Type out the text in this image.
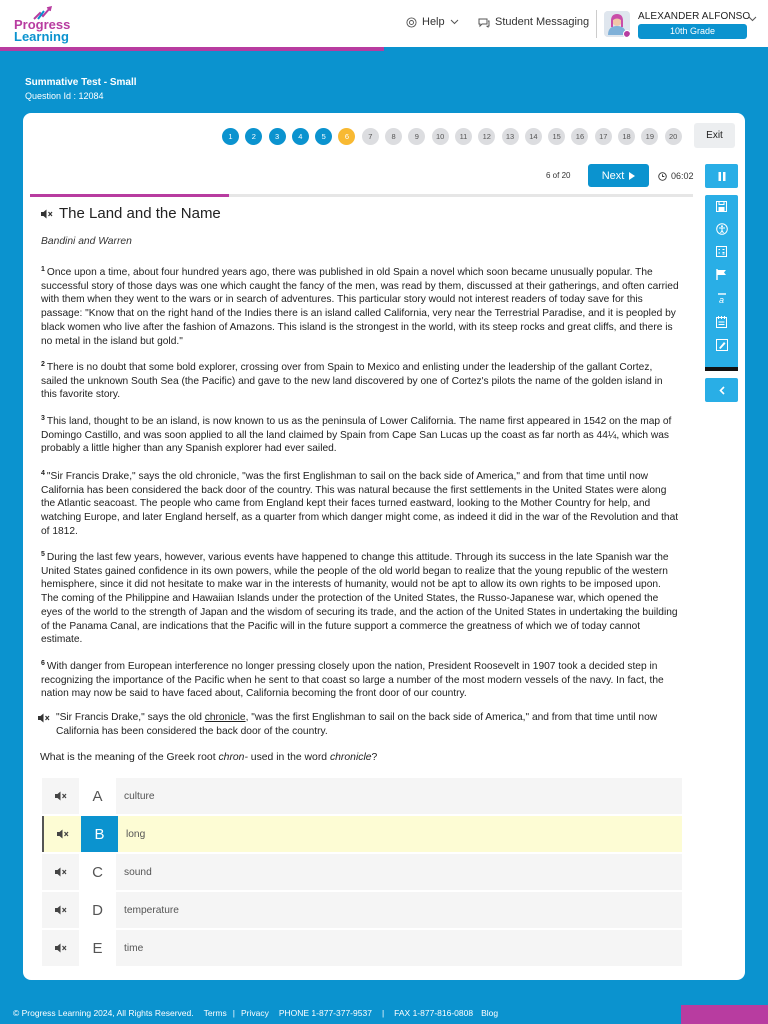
Progress
Learning
Help	Student Messaging	ALEXANDER ALFONSO
10th Grade
Summative Test - Small
Question Id : 12084
1	2	3	4	5	6	7	8	9	10	11	12	13	14	15	16	17	18	19	20	Exit
6 of 20	Next	06:02
a
The Land and the Name
Bandini and Warren
$^1$ Once upon a time, about four hundred years ago, there was published in old Spain a novel which soon became unusually popular. The successful story of those days was one which caught the fancy of the men, was read by them, discussed at their gatherings, and often carried with them when they went to the wars or in search of adventures. This particular story would not interest readers of today save for this passage: "Know that on the right hand of the Indies there is an island called California, very near the Terrestrial Paradise, and it is peopled by black women who live after the fashion of Amazons. This island is the strongest in the world, with its steep rocks and great cliffs, and there is no metal in the island but gold."
$^2$ There is no doubt that some bold explorer, crossing over from Spain to Mexico and enlisting under the leadership of the gallant Cortez, sailed the unknown South Sea (the Pacific) and gave to the new land discovered by one of Cortez's pilots the name of the golden island in this favorite story.
$^3$ This land, thought to be an island, is now known to us as the peninsula of Lower California. The name first appeared in 1542 on the map of Domingo Castillo, and was soon applied to all the land claimed by Spain from Cape San Lucas up the coast as far north as 44¼, which was probably a little higher than any Spanish explorer had ever sailed.
$^4$ "Sir Francis Drake," says the old chronicle, "was the first Englishman to sail on the back side of America," and from that time until now California has been considered the back door of the country. This was natural because the first settlements in the United States were along the Atlantic seacoast. The people who came from England kept their faces turned eastward, looking to the Mother Country for help, and watching Europe, and later England herself, as a quarter from which danger might come, as indeed it did in the war of the Revolution and that of 1812.
$^5$ During the last few years, however, various events have happened to change this attitude. Through its success in the late Spanish war the United States gained confidence in its own powers, while the people of the old world began to realize that the young republic of the western hemisphere, since it did not hesitate to make war in the interests of humanity, would not be apt to allow its own rights to be imposed upon. The coming of the Philippine and Hawaiian Islands under the protection of the United States, the Russo-Japanese war, which opened the eyes of the world to the strength of Japan and the wisdom of securing its trade, and the action of the United States in undertaking the building of the Panama Canal, are indications that the Pacific will in the future support a commerce the greatness of which we of today cannot estimate.
$^6$ With danger from European interference no longer pressing closely upon the nation, President Roosevelt in 1907 took a decided step in recognizing the importance of the Pacific when he sent to that coast so large a number of the most modern vessels of the navy. In fact, the nation may now be said to have faced about, California becoming the front door of our country.
"Sir Francis Drake," says the old chronicle, "was the first Englishman to sail on the back side of America," and from that time until now California has been considered the back door of the country.
What is the meaning of the Greek root chron- used in the word chronicle?
A	culture
B	long
C	sound
D	temperature
E	time
© Progress Learning 2024, All Rights Reserved. Terms | Privacy PHONE 1-877-377-9537 | FAX 1-877-816-0808 Blog
